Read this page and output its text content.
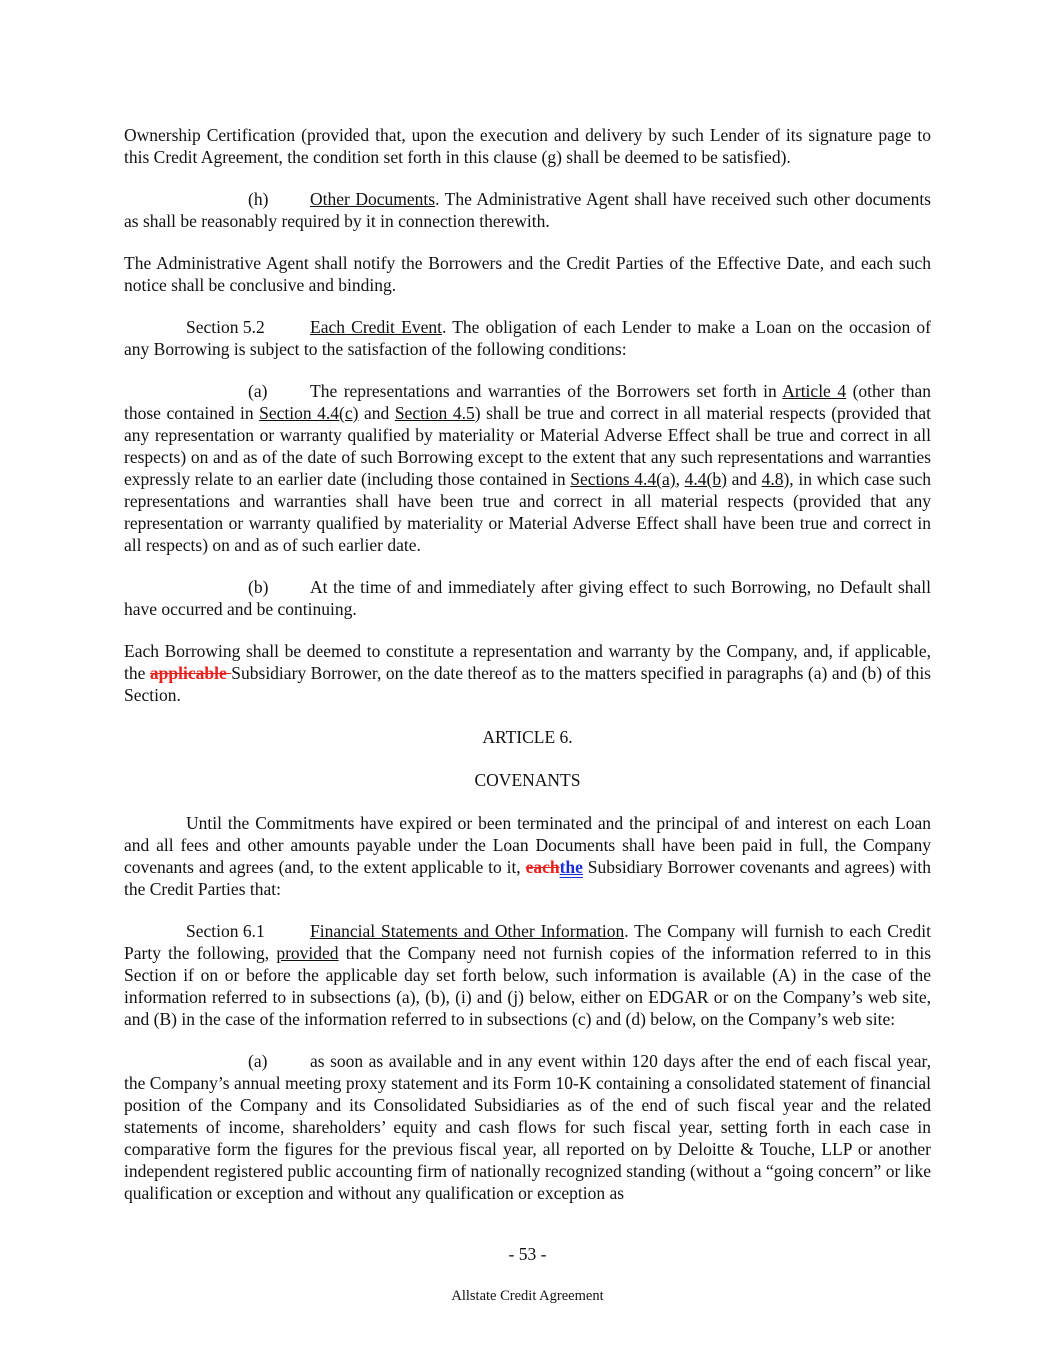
Ownership Certification (provided that, upon the execution and delivery by such Lender of its signature page to this Credit Agreement, the condition set forth in this clause (g) shall be deemed to be satisfied).

(h) Other Documents. The Administrative Agent shall have received such other documents as shall be reasonably required by it in connection therewith.

The Administrative Agent shall notify the Borrowers and the Credit Parties of the Effective Date, and each such notice shall be conclusive and binding.

Section 5.2	Each Credit Event. The obligation of each Lender to make a Loan on the occasion of any Borrowing is subject to the satisfaction of the following conditions:

(a) The representations and warranties of the Borrowers set forth in Article 4 (other than those contained in Section 4.4(c) and Section 4.5) shall be true and correct in all material respects (provided that any representation or warranty qualified by materiality or Material Adverse Effect shall be true and correct in all respects) on and as of the date of such Borrowing except to the extent that any such representations and warranties expressly relate to an earlier date (including those contained in Sections 4.4(a), 4.4(b) and 4.8), in which case such representations and warranties shall have been true and correct in all material respects (provided that any representation or warranty qualified by materiality or Material Adverse Effect shall have been true and correct in all respects) on and as of such earlier date.

(b) At the time of and immediately after giving effect to such Borrowing, no Default shall have occurred and be continuing.

Each Borrowing shall be deemed to constitute a representation and warranty by the Company, and, if applicable, the applicable Subsidiary Borrower, on the date thereof as to the matters specified in paragraphs (a) and (b) of this Section.

ARTICLE 6.

COVENANTS

Until the Commitments have expired or been terminated and the principal of and interest on each Loan and all fees and other amounts payable under the Loan Documents shall have been paid in full, the Company covenants and agrees (and, to the extent applicable to it, eachthe Subsidiary Borrower covenants and agrees) with the Credit Parties that:

Section 6.1	Financial Statements and Other Information. The Company will furnish to each Credit Party the following, provided that the Company need not furnish copies of the information referred to in this Section if on or before the applicable day set forth below, such information is available (A) in the case of the information referred to in subsections (a), (b), (i) and (j) below, either on EDGAR or on the Company’s web site, and (B) in the case of the information referred to in subsections (c) and (d) below, on the Company’s web site:

(a) as soon as available and in any event within 120 days after the end of each fiscal year, the Company’s annual meeting proxy statement and its Form 10-K containing a consolidated statement of financial position of the Company and its Consolidated Subsidiaries as of the end of such fiscal year and the related statements of income, shareholders’ equity and cash flows for such fiscal year, setting forth in each case in comparative form the figures for the previous fiscal year, all reported on by Deloitte & Touche, LLP or another independent registered public accounting firm of nationally recognized standing (without a “going concern” or like qualification or exception and without any qualification or exception as

- 53 -
Allstate Credit Agreement
